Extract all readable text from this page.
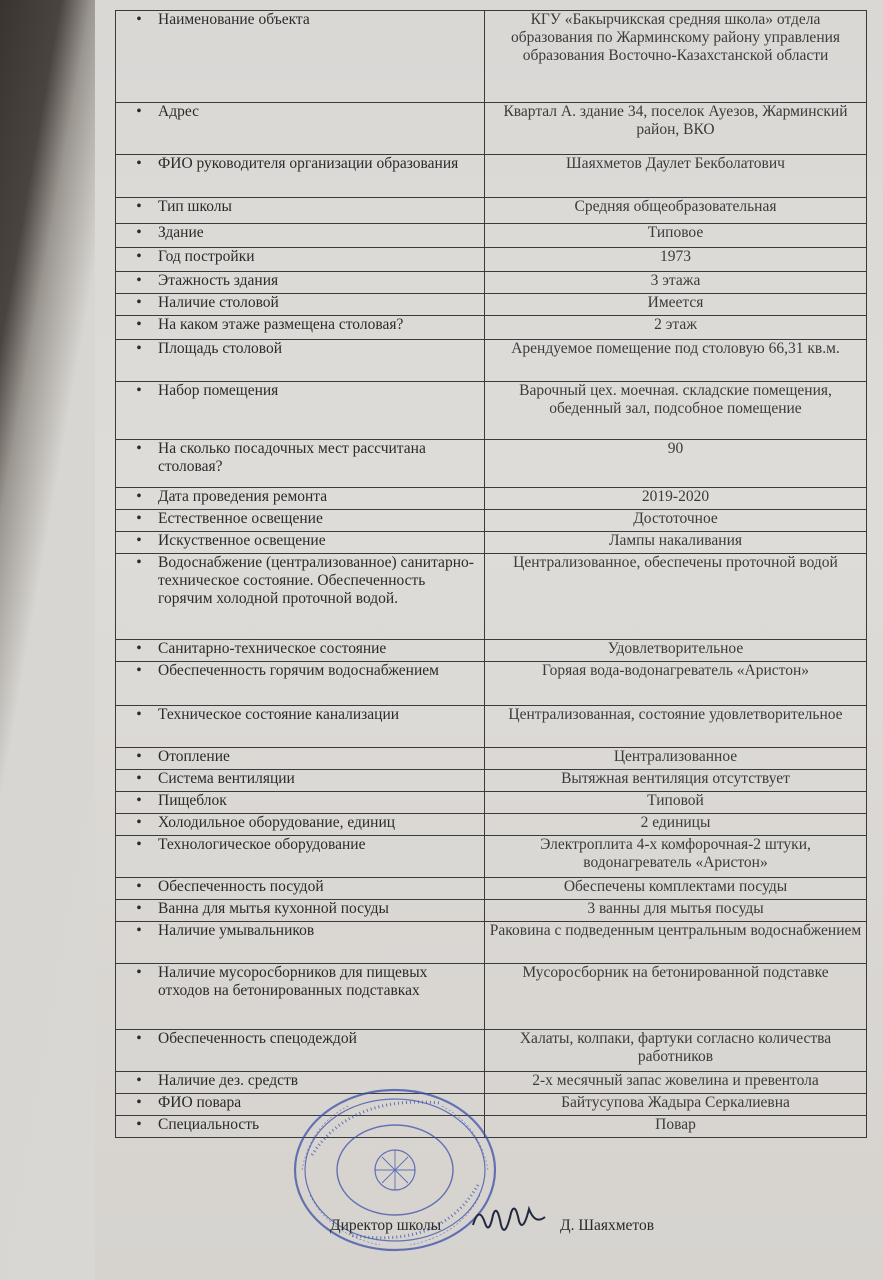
• Наименование объекта	КГУ «Бакырчикская средняя школа» отдела образования по Жарминскому району управления образования Восточно-Казахстанской области

• Адрес	Квартал А. здание 34, поселок Ауезов, Жарминский район, ВКО

• ФИО руководителя организации образования	Шаяхметов Даулет Бекболатович

• Тип школы	Средняя общеобразовательная

• Здание	Типовое

• Год постройки	1973

• Этажность здания	3 этажа

• Наличие столовой	Имеется

• На каком этаже размещена столовая?	2 этаж

• Площадь столовой	Арендуемое помещение под столовую 66,31 кв.м.

• Набор помещения	Варочный цех. моечная. складские помещения, обеденный зал, подсобное помещение

• На сколько посадочных мест рассчитана столовая?	90

• Дата проведения ремонта	2019-2020

• Естественное освещение	Достоточное

• Искуственное освещение	Лампы накаливания

• Водоснабжение (централизованное) санитарно-техническое состояние. Обеспеченность горячим холодной проточной водой.	Централизованное, обеспечены проточной водой

• Санитарно-техническое состояние	Удовлетворительное

• Обеспеченность горячим водоснабжением	Горяая вода-водонагреватель «Аристон»

• Техническое состояние канализации	Централизованная, состояние удовлетворительное

• Отопление	Централизованное

• Система вентиляции	Вытяжная вентиляция отсутствует

• Пищеблок	Типовой

• Холодильное оборудование, единиц	2 единицы

• Технологическое оборудование	Электроплита 4-х комфорочная-2 штуки, водонагреватель «Аристон»

• Обеспеченность посудой	Обеспечены комплектами посуды

• Ванна для мытья кухонной посуды	3 ванны для мытья посуды

• Наличие умывальников	Раковина с подведенным центральным водоснабжением

• Наличие мусоросборников для пищевых отходов на бетонированных подставках	Мусоросборник на бетонированной подставке

• Обеспеченность спецодеждой	Халаты, колпаки, фартуки согласно количества работников

• Наличие дез. средств	2-х месячный запас жовелина и превентола

• ФИО повара	Байтусупова Жадыра Серкалиевна

• Специальность	Повар
Директор школы	Д. Шаяхметов
